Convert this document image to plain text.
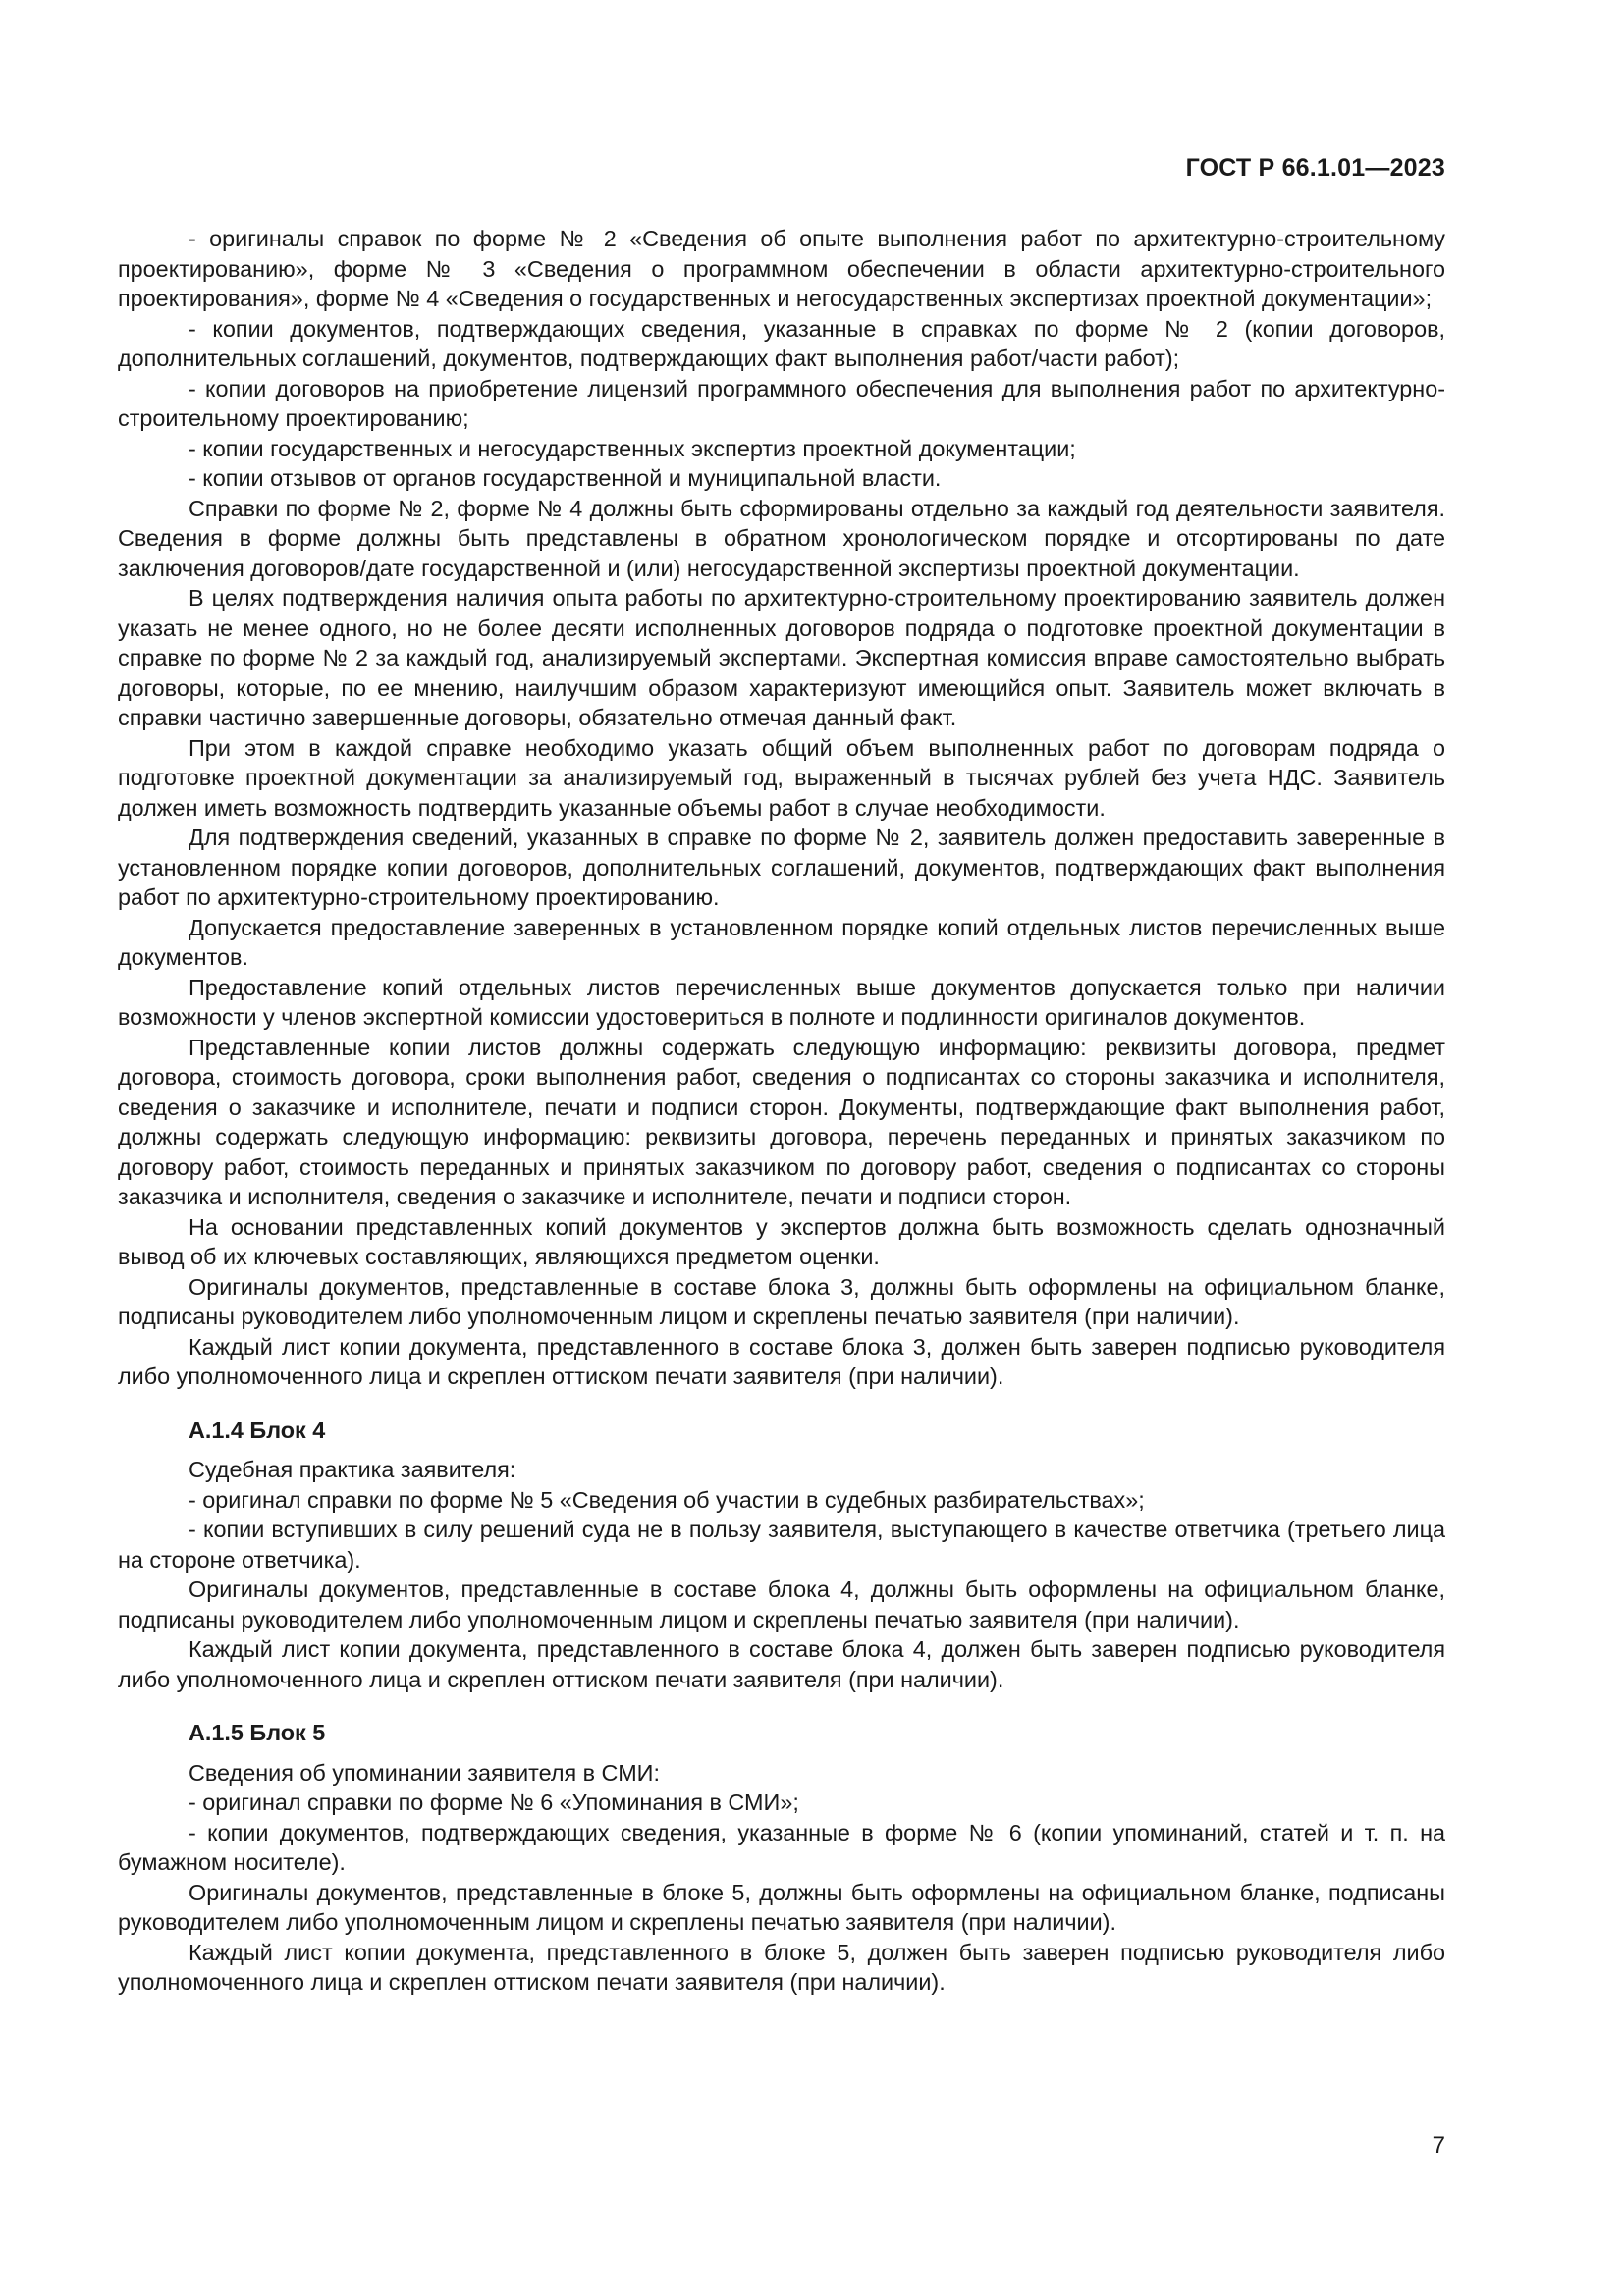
ГОСТ Р 66.1.01—2023

- оригиналы справок по форме № 2 «Сведения об опыте выполнения работ по архитектурно-строительному проектированию», форме № 3 «Сведения о программном обеспечении в области архитектурно-строительного проектирования», форме № 4 «Сведения о государственных и негосударственных экспертизах проектной документации»;

- копии документов, подтверждающих сведения, указанные в справках по форме № 2 (копии договоров, дополнительных соглашений, документов, подтверждающих факт выполнения работ/части работ);

- копии договоров на приобретение лицензий программного обеспечения для выполнения работ по архитектурно-строительному проектированию;

- копии государственных и негосударственных экспертиз проектной документации;

- копии отзывов от органов государственной и муниципальной власти.

Справки по форме № 2, форме № 4 должны быть сформированы отдельно за каждый год деятельности заявителя. Сведения в форме должны быть представлены в обратном хронологическом порядке и отсортированы по дате заключения договоров/дате государственной и (или) негосударственной экспертизы проектной документации.

В целях подтверждения наличия опыта работы по архитектурно-строительному проектированию заявитель должен указать не менее одного, но не более десяти исполненных договоров подряда о подготовке проектной документации в справке по форме № 2 за каждый год, анализируемый экспертами. Экспертная комиссия вправе самостоятельно выбрать договоры, которые, по ее мнению, наилучшим образом характеризуют имеющийся опыт. Заявитель может включать в справки частично завершенные договоры, обязательно отмечая данный факт.

При этом в каждой справке необходимо указать общий объем выполненных работ по договорам подряда о подготовке проектной документации за анализируемый год, выраженный в тысячах рублей без учета НДС. Заявитель должен иметь возможность подтвердить указанные объемы работ в случае необходимости.

Для подтверждения сведений, указанных в справке по форме № 2, заявитель должен предоставить заверенные в установленном порядке копии договоров, дополнительных соглашений, документов, подтверждающих факт выполнения работ по архитектурно-строительному проектированию.

Допускается предоставление заверенных в установленном порядке копий отдельных листов перечисленных выше документов.

Предоставление копий отдельных листов перечисленных выше документов допускается только при наличии возможности у членов экспертной комиссии удостовериться в полноте и подлинности оригиналов документов.

Представленные копии листов должны содержать следующую информацию: реквизиты договора, предмет договора, стоимость договора, сроки выполнения работ, сведения о подписантах со стороны заказчика и исполнителя, сведения о заказчике и исполнителе, печати и подписи сторон. Документы, подтверждающие факт выполнения работ, должны содержать следующую информацию: реквизиты договора, перечень переданных и принятых заказчиком по договору работ, стоимость переданных и принятых заказчиком по договору работ, сведения о подписантах со стороны заказчика и исполнителя, сведения о заказчике и исполнителе, печати и подписи сторон.

На основании представленных копий документов у экспертов должна быть возможность сделать однозначный вывод об их ключевых составляющих, являющихся предметом оценки.

Оригиналы документов, представленные в составе блока 3, должны быть оформлены на официальном бланке, подписаны руководителем либо уполномоченным лицом и скреплены печатью заявителя (при наличии).

Каждый лист копии документа, представленного в составе блока 3, должен быть заверен подписью руководителя либо уполномоченного лица и скреплен оттиском печати заявителя (при наличии).

А.1.4 Блок 4

Судебная практика заявителя:

- оригинал справки по форме № 5 «Сведения об участии в судебных разбирательствах»;

- копии вступивших в силу решений суда не в пользу заявителя, выступающего в качестве ответчика (третьего лица на стороне ответчика).

Оригиналы документов, представленные в составе блока 4, должны быть оформлены на официальном бланке, подписаны руководителем либо уполномоченным лицом и скреплены печатью заявителя (при наличии).

Каждый лист копии документа, представленного в составе блока 4, должен быть заверен подписью руководителя либо уполномоченного лица и скреплен оттиском печати заявителя (при наличии).

А.1.5 Блок 5

Сведения об упоминании заявителя в СМИ:

- оригинал справки по форме № 6 «Упоминания в СМИ»;

- копии документов, подтверждающих сведения, указанные в форме № 6 (копии упоминаний, статей и т. п. на бумажном носителе).

Оригиналы документов, представленные в блоке 5, должны быть оформлены на официальном бланке, подписаны руководителем либо уполномоченным лицом и скреплены печатью заявителя (при наличии).

Каждый лист копии документа, представленного в блоке 5, должен быть заверен подписью руководителя либо уполномоченного лица и скреплен оттиском печати заявителя (при наличии).

7
